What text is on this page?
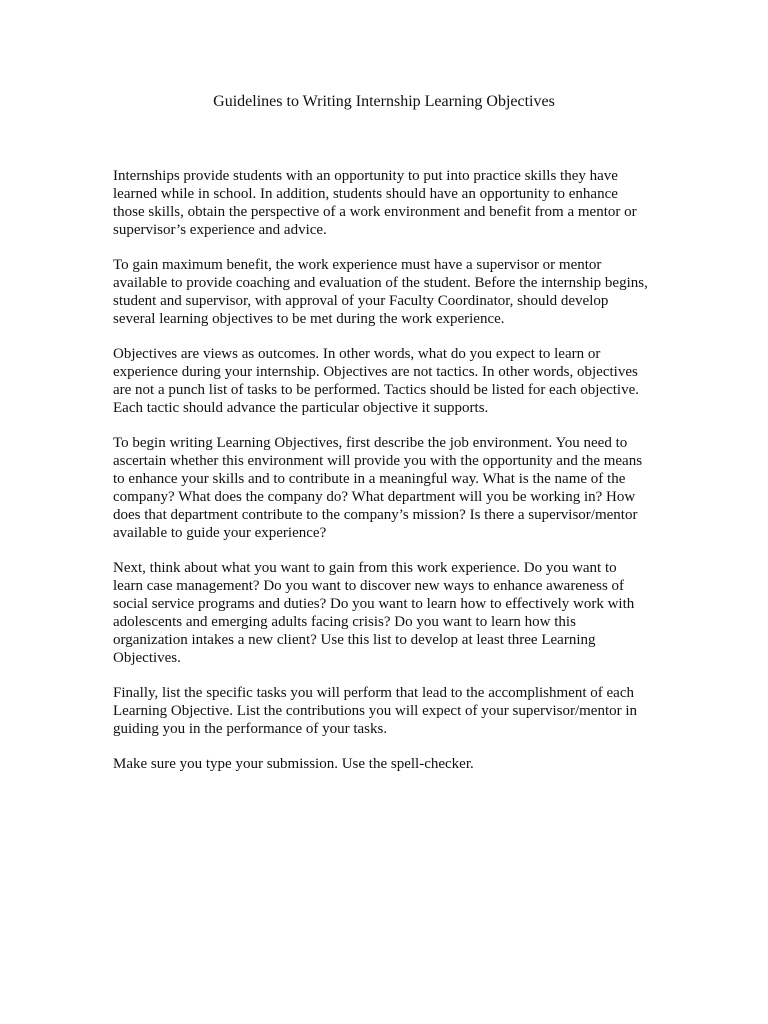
Guidelines to Writing Internship Learning Objectives

Internships provide students with an opportunity to put into practice skills they have
learned while in school. In addition, students should have an opportunity to enhance
those skills, obtain the perspective of a work environment and benefit from a mentor or
supervisor’s experience and advice.

To gain maximum benefit, the work experience must have a supervisor or mentor
available to provide coaching and evaluation of the student. Before the internship begins,
student and supervisor, with approval of your Faculty Coordinator, should develop
several learning objectives to be met during the work experience.

Objectives are views as outcomes. In other words, what do you expect to learn or
experience during your internship. Objectives are not tactics. In other words, objectives
are not a punch list of tasks to be performed. Tactics should be listed for each objective.
Each tactic should advance the particular objective it supports.

To begin writing Learning Objectives, first describe the job environment. You need to
ascertain whether this environment will provide you with the opportunity and the means
to enhance your skills and to contribute in a meaningful way. What is the name of the
company? What does the company do? What department will you be working in? How
does that department contribute to the company’s mission? Is there a supervisor/mentor
available to guide your experience?

Next, think about what you want to gain from this work experience. Do you want to
learn case management? Do you want to discover new ways to enhance awareness of
social service programs and duties? Do you want to learn how to effectively work with
adolescents and emerging adults facing crisis? Do you want to learn how this
organization intakes a new client? Use this list to develop at least three Learning
Objectives.

Finally, list the specific tasks you will perform that lead to the accomplishment of each
Learning Objective. List the contributions you will expect of your supervisor/mentor in
guiding you in the performance of your tasks.

Make sure you type your submission. Use the spell-checker.
